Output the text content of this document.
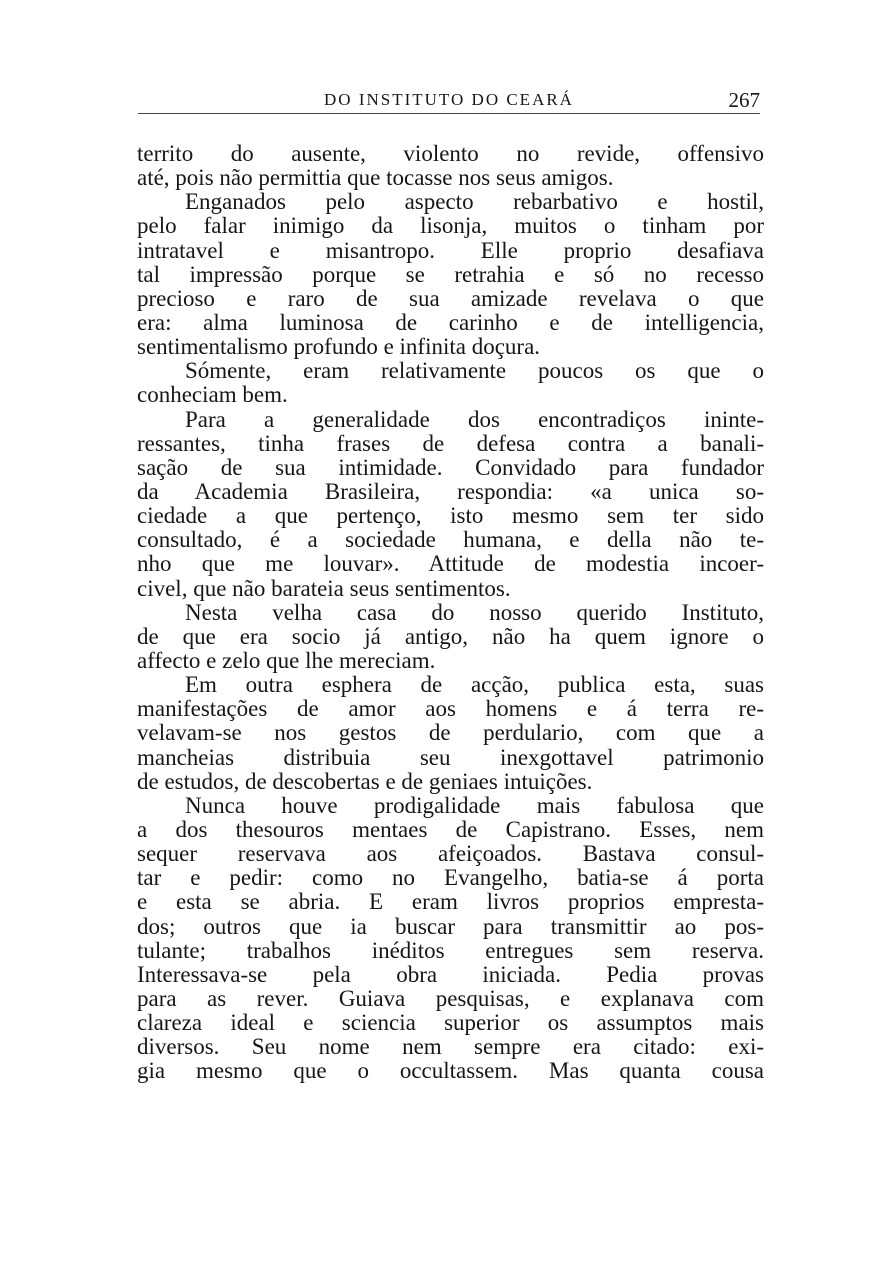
DO INSTITUTO DO CEARÁ	267
territo do ausente, violento no revide, offensivo
até, pois não permittia que tocasse nos seus amigos.
Enganados pelo aspecto rebarbativo e hostil,
pelo falar inimigo da lisonja, muitos o tinham por
intratavel e misantropo. Elle proprio desafiava
tal impressão porque se retrahia e só no recesso
precioso e raro de sua amizade revelava o que
era: alma luminosa de carinho e de intelligencia,
sentimentalismo profundo e infinita doçura.
Sómente, eram relativamente poucos os que o
conheciam bem.
Para a generalidade dos encontradiços ininte-
ressantes, tinha frases de defesa contra a banali-
sação de sua intimidade. Convidado para fundador
da Academia Brasileira, respondia: «a unica so-
ciedade a que pertenço, isto mesmo sem ter sido
consultado, é a sociedade humana, e della não te-
nho que me louvar». Attitude de modestia incoer-
civel, que não barateia seus sentimentos.
Nesta velha casa do nosso querido Instituto,
de que era socio já antigo, não ha quem ignore o
affecto e zelo que lhe mereciam.
Em outra esphera de acção, publica esta, suas
manifestações de amor aos homens e á terra re-
velavam-se nos gestos de perdulario, com que a
mancheias distribuia seu inexgottavel patrimonio
de estudos, de descobertas e de geniaes intuições.
Nunca houve prodigalidade mais fabulosa que
a dos thesouros mentaes de Capistrano. Esses, nem
sequer reservava aos afeiçoados. Bastava consul-
tar e pedir: como no Evangelho, batia-se á porta
e esta se abria. E eram livros proprios empresta-
dos; outros que ia buscar para transmittir ao pos-
tulante; trabalhos inéditos entregues sem reserva.
Interessava-se pela obra iniciada. Pedia provas
para as rever. Guiava pesquisas, e explanava com
clareza ideal e sciencia superior os assumptos mais
diversos. Seu nome nem sempre era citado: exi-
gia mesmo que o occultassem. Mas quanta cousa
